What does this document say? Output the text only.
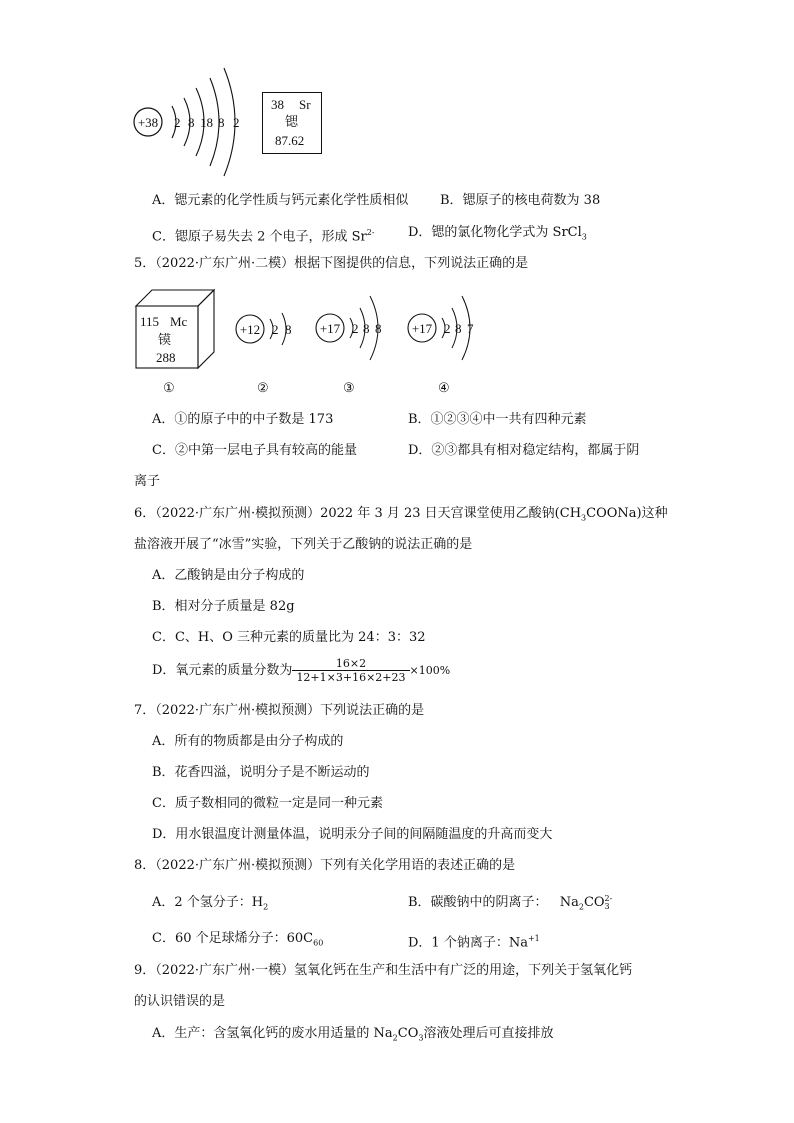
+38 2 8 18 8 2
38 Sr
锶
87.62
A．锶元素的化学性质与钙元素化学性质相似 B．锶原子的核电荷数为 38
C．锶原子易失去 2 个电子，形成 $Sr^{2-}$	D．锶的氯化物化学式为 SrCl$_3$
5．（2022·广东广州·二模）根据下图提供的信息，下列说法正确的是
115 Mc
镆
288
+12 2 8 +17 2 8 8 +17 2 8 7
①	②	③	④
A．①的原子中的中子数是 173	B．①②③④中一共有四种元素
C．②中第一层电子具有较高的能量	D．②③都具有相对稳定结构，都属于阴
离子
6．（2022·广东广州·模拟预测）2022 年 3 月 23 日天宫课堂使用乙酸钠$(CH_3COONa)$这种
盐溶液开展了“冰雪”实验，下列关于乙酸钠的说法正确的是
A．乙酸钠是由分子构成的
B．相对分子质量是 82g
C．C、H、O 三种元素的质量比为 24：3：32
D．氧元素的质量分数为 $\frac{16\times 2}{12+1\times 3+16\times 2+23} \times 100\%$
7．（2022·广东广州·模拟预测）下列说法正确的是
A．所有的物质都是由分子构成的
B．花香四溢，说明分子是不断运动的
C．质子数相同的微粒一定是同一种元素
D．用水银温度计测量体温，说明汞分子间的间隔随温度的升高而变大
8．（2022·广东广州·模拟预测）下列有关化学用语的表述正确的是
A．2 个氢分子：$H_2$	B．碳酸钠中的阴离子： $Na_2CO$ 2-
3
C．60 个足球烯分子：$60C_{60}$	D．1 个钠离子：$Na^{+1}$
9．（2022·广东广州·一模）氢氧化钙在生产和生活中有广泛的用途，下列关于氢氧化钙
的认识错误的是
A．生产：含氢氧化钙的废水用适量的 $Na_2CO_3$溶液处理后可直接排放
